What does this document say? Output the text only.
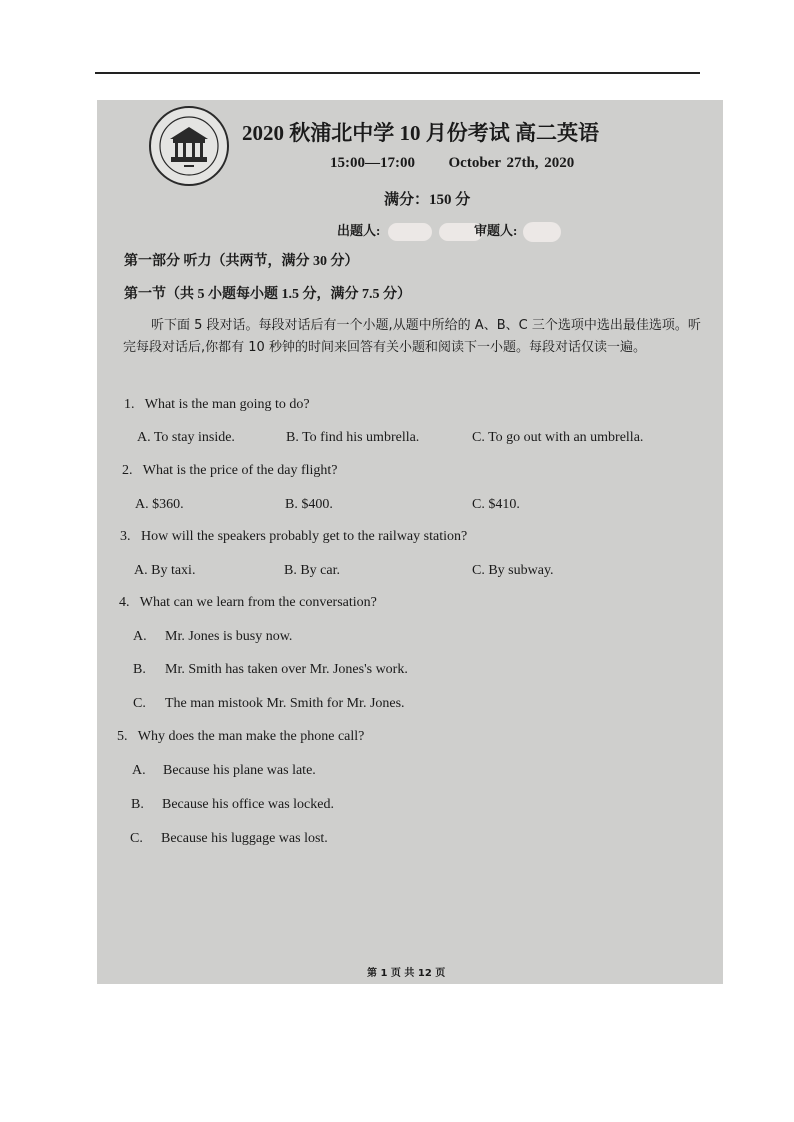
2020 秋浦北中学 10 月份考试 高二英语
15:00—17:00 October 27th, 2020
满分：150 分
出题人:	审题人:
第一部分 听力（共两节，满分 30 分）
第一节（共 5 小题每小题 1.5 分，满分 7.5 分）
听下面 5 段对话。每段对话后有一个小题,从题中所给的 A、B、C 三个选项中选出最佳选项。听完每段对话后,你都有 10 秒钟的时间来回答有关小题和阅读下一小题。每段对话仅读一遍。
1. What is the man going to do?
A. To stay inside.	B. To find his umbrella.	C. To go out with an umbrella.
2. What is the price of the day flight?
A. $360.	B. $400.	C. $410.
3. How will the speakers probably get to the railway station?
A. By taxi.	B. By car.	C. By subway.
4. What can we learn from the conversation?
A. Mr. Jones is busy now.
B. Mr. Smith has taken over Mr. Jones's work.
C. The man mistook Mr. Smith for Mr. Jones.
5. Why does the man make the phone call?
A. Because his plane was late.
B. Because his office was locked.
C. Because his luggage was lost.
第 1 页 共 12 页
